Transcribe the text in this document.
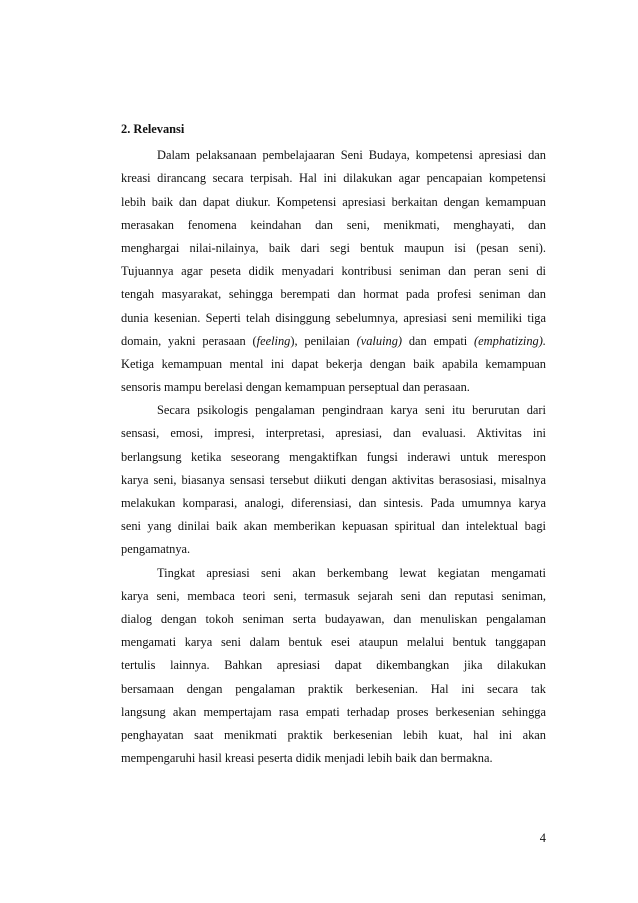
2. Relevansi

Dalam pelaksanaan pembelajaaran Seni Budaya, kompetensi apresiasi dan
kreasi dirancang secara terpisah. Hal ini dilakukan agar pencapaian kompetensi
lebih baik dan dapat diukur. Kompetensi apresiasi berkaitan dengan kemampuan
merasakan fenomena keindahan dan seni, menikmati, menghayati, dan
menghargai nilai-nilainya, baik dari segi bentuk maupun isi (pesan seni).
Tujuannya agar peseta didik menyadari kontribusi seniman dan peran seni di
tengah masyarakat, sehingga berempati dan hormat pada profesi seniman dan
dunia kesenian. Seperti telah disinggung sebelumnya, apresiasi seni memiliki tiga
domain, yakni perasaan (feeling), penilaian (valuing) dan empati (emphatizing).
Ketiga kemampuan mental ini dapat bekerja dengan baik apabila kemampuan
sensoris mampu berelasi dengan kemampuan perseptual dan perasaan.
Secara psikologis pengalaman pengindraan karya seni itu berurutan dari
sensasi, emosi, impresi, interpretasi, apresiasi, dan evaluasi. Aktivitas ini
berlangsung ketika seseorang mengaktifkan fungsi inderawi untuk merespon
karya seni, biasanya sensasi tersebut diikuti dengan aktivitas berasosiasi, misalnya
melakukan komparasi, analogi, diferensiasi, dan sintesis. Pada umumnya karya
seni yang dinilai baik akan memberikan kepuasan spiritual dan intelektual bagi
pengamatnya.
Tingkat apresiasi seni akan berkembang lewat kegiatan mengamati
karya seni, membaca teori seni, termasuk sejarah seni dan reputasi seniman,
dialog dengan tokoh seniman serta budayawan, dan menuliskan pengalaman
mengamati karya seni dalam bentuk esei ataupun melalui bentuk tanggapan
tertulis lainnya. Bahkan apresiasi dapat dikembangkan jika dilakukan
bersamaan dengan pengalaman praktik berkesenian. Hal ini secara tak
langsung akan mempertajam rasa empati terhadap proses berkesenian sehingga
penghayatan saat menikmati praktik berkesenian lebih kuat, hal ini akan
mempengaruhi hasil kreasi peserta didik menjadi lebih baik dan bermakna.
4
